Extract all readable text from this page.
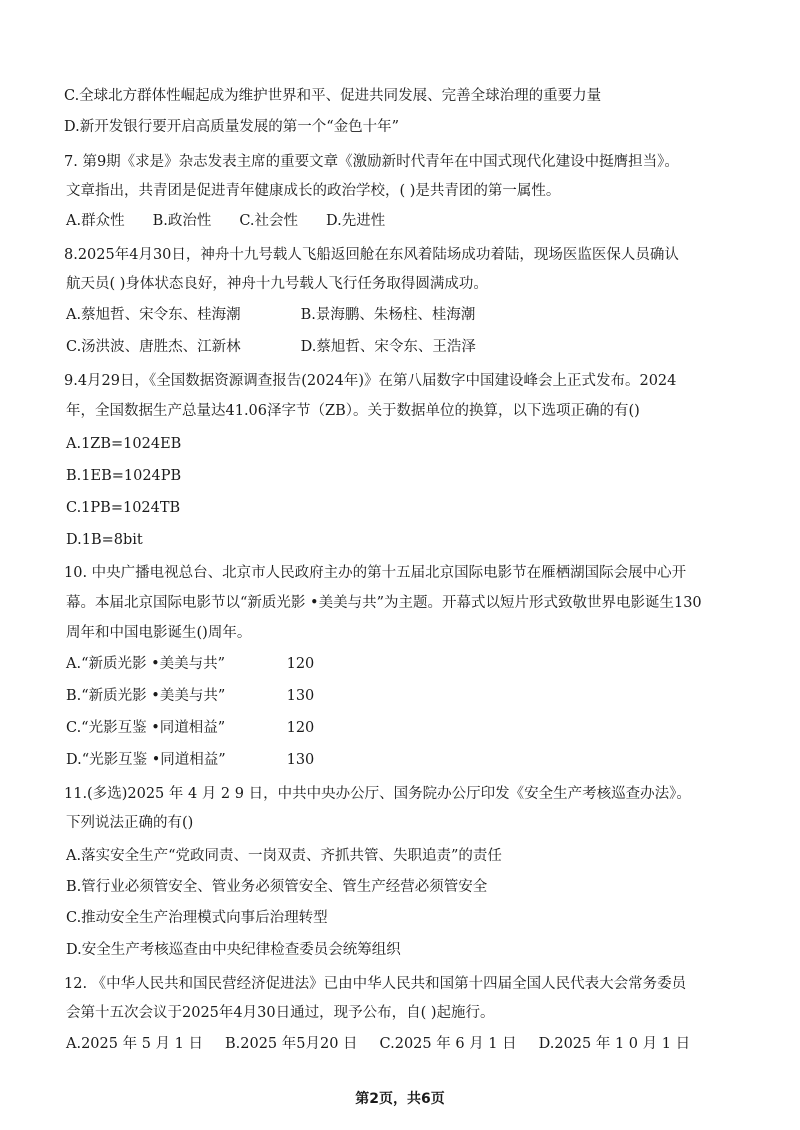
C.全球北方群体性崛起成为维护世界和平、促进共同发展、完善全球治理的重要力量
D.新开发银行要开启高质量发展的第一个“金色十年”
7. 第9期《求是》杂志发表主席的重要文章《激励新时代青年在中国式现代化建设中挺膺担当》。
文章指出，共青团是促进青年健康成长的政治学校，( )是共青团的第一属性。
A.群众性 B.政治性 C.社会性 D.先进性
8.2025年4月30日，神舟十九号载人飞船返回舱在东风着陆场成功着陆，现场医监医保人员确认
航天员( )身体状态良好，神舟十九号载人飞行任务取得圆满成功。
A.蔡旭哲、宋令东、桂海潮	B.景海鹏、朱杨柱、桂海潮
C.汤洪波、唐胜杰、江新林	D.蔡旭哲、宋令东、王浩泽
9.4月29日，《全国数据资源调查报告(2024年)》在第八届数字中国建设峰会上正式发布。2024
年，全国数据生产总量达41.06泽字节（ZB）。关于数据单位的换算，以下选项正确的有()
A.1ZB=1024EB
B.1EB=1024PB
C.1PB=1024TB
D.1B=8bit
10. 中央广播电视总台、北京市人民政府主办的第十五届北京国际电影节在雁栖湖国际会展中心开
幕。本届北京国际电影节以“新质光影 •美美与共”为主题。开幕式以短片形式致敬世界电影诞生130
周年和中国电影诞生()周年。
A.“新质光影 •美美与共”	120
B.“新质光影 •美美与共”	130
C.“光影互鉴 •同道相益”	120
D.“光影互鉴 •同道相益”	130
11.(多选)2025 年 4 月 2 9 日，中共中央办公厅、国务院办公厅印发《安全生产考核巡查办法》。
下列说法正确的有()
A.落实安全生产“党政同责、一岗双责、齐抓共管、失职追责”的责任
B.管行业必须管安全、管业务必须管安全、管生产经营必须管安全
C.推动安全生产治理模式向事后治理转型
D.安全生产考核巡查由中央纪律检查委员会统筹组织
12. 《中华人民共和国民营经济促进法》已由中华人民共和国第十四届全国人民代表大会常务委员
会第十五次会议于2025年4月30日通过，现予公布，自( )起施行。
A.2025 年 5 月 1 日 B.2025 年5月20 日 C.2025 年 6 月 1 日 D.2025 年 1 0 月 1 日
第2页，共6页
